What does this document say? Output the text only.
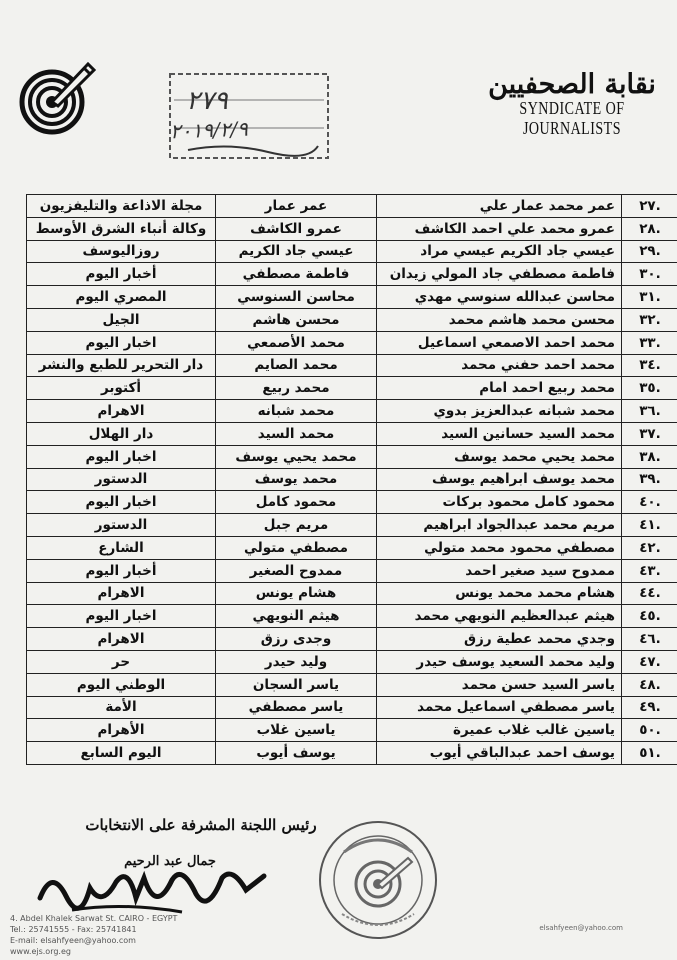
نقابة الصحفيين
SYNDICATE OF JOURNALISTS
٢٧٩
٢٠١٩/٢/٩
.٢٧	عمر محمد عمار علي	عمر عمار	مجلة الاذاعة والتليفزيون
.٢٨	عمرو محمد علي احمد الكاشف	عمرو الكاشف	وكالة أنباء الشرق الأوسط
.٢٩	عيسي جاد الكريم عيسي مراد	عيسي جاد الكريم	روزاليوسف
.٣٠	فاطمة مصطفي جاد المولي زيدان	فاطمة مصطفي	أخبار اليوم
.٣١	محاسن عبدالله سنوسي مهدي	محاسن السنوسي	المصري اليوم
.٣٢	محسن محمد هاشم محمد	محسن هاشم	الجيل
.٣٣	محمد احمد الاصمعي اسماعيل	محمد الأصمعي	اخبار اليوم
.٣٤	محمد احمد حفني محمد	محمد الصايم	دار التحرير للطبع والنشر
.٣٥	محمد ربيع احمد امام	محمد ربيع	أكتوبر
.٣٦	محمد شبانه عبدالعزيز بدوي	محمد شبانه	الاهرام
.٣٧	محمد السيد حسانين السيد	محمد السيد	دار الهلال
.٣٨	محمد يحيي محمد يوسف	محمد يحيي يوسف	اخبار اليوم
.٣٩	محمد يوسف ابراهيم يوسف	محمد يوسف	الدستور
.٤٠	محمود كامل محمود بركات	محمود كامل	اخبار اليوم
.٤١	مريم محمد عبدالجواد ابراهيم	مريم جبل	الدستور
.٤٢	مصطفي محمود محمد متولي	مصطفي متولي	الشارع
.٤٣	ممدوح سيد صغير احمد	ممدوح الصغير	أخبار اليوم
.٤٤	هشام محمد محمد يونس	هشام يونس	الاهرام
.٤٥	هيثم عبدالعظيم النويهي محمد	هيثم النويهي	اخبار اليوم
.٤٦	وجدي محمد عطية رزق	وجدى رزق	الاهرام
.٤٧	وليد محمد السعيد يوسف حيدر	وليد حيدر	حر
.٤٨	ياسر السيد حسن محمد	ياسر السجان	الوطني اليوم
.٤٩	ياسر مصطفي اسماعيل محمد	ياسر مصطفي	الأمة
.٥٠	ياسين غالب غلاب عميرة	ياسين غلاب	الأهرام
.٥١	يوسف احمد عبدالباقي أيوب	يوسف أيوب	اليوم السابع
رئيس اللجنة المشرفة على الانتخابات
جمال عبد الرحيم
4. Abdel Khalek Sarwat St. CAIRO - EGYPT
Tel.: 25741555 - Fax: 25741841
E-mail: elsahfyeen@yahoo.com
www.ejs.org.eg
elsahfyeen@yahoo.com
